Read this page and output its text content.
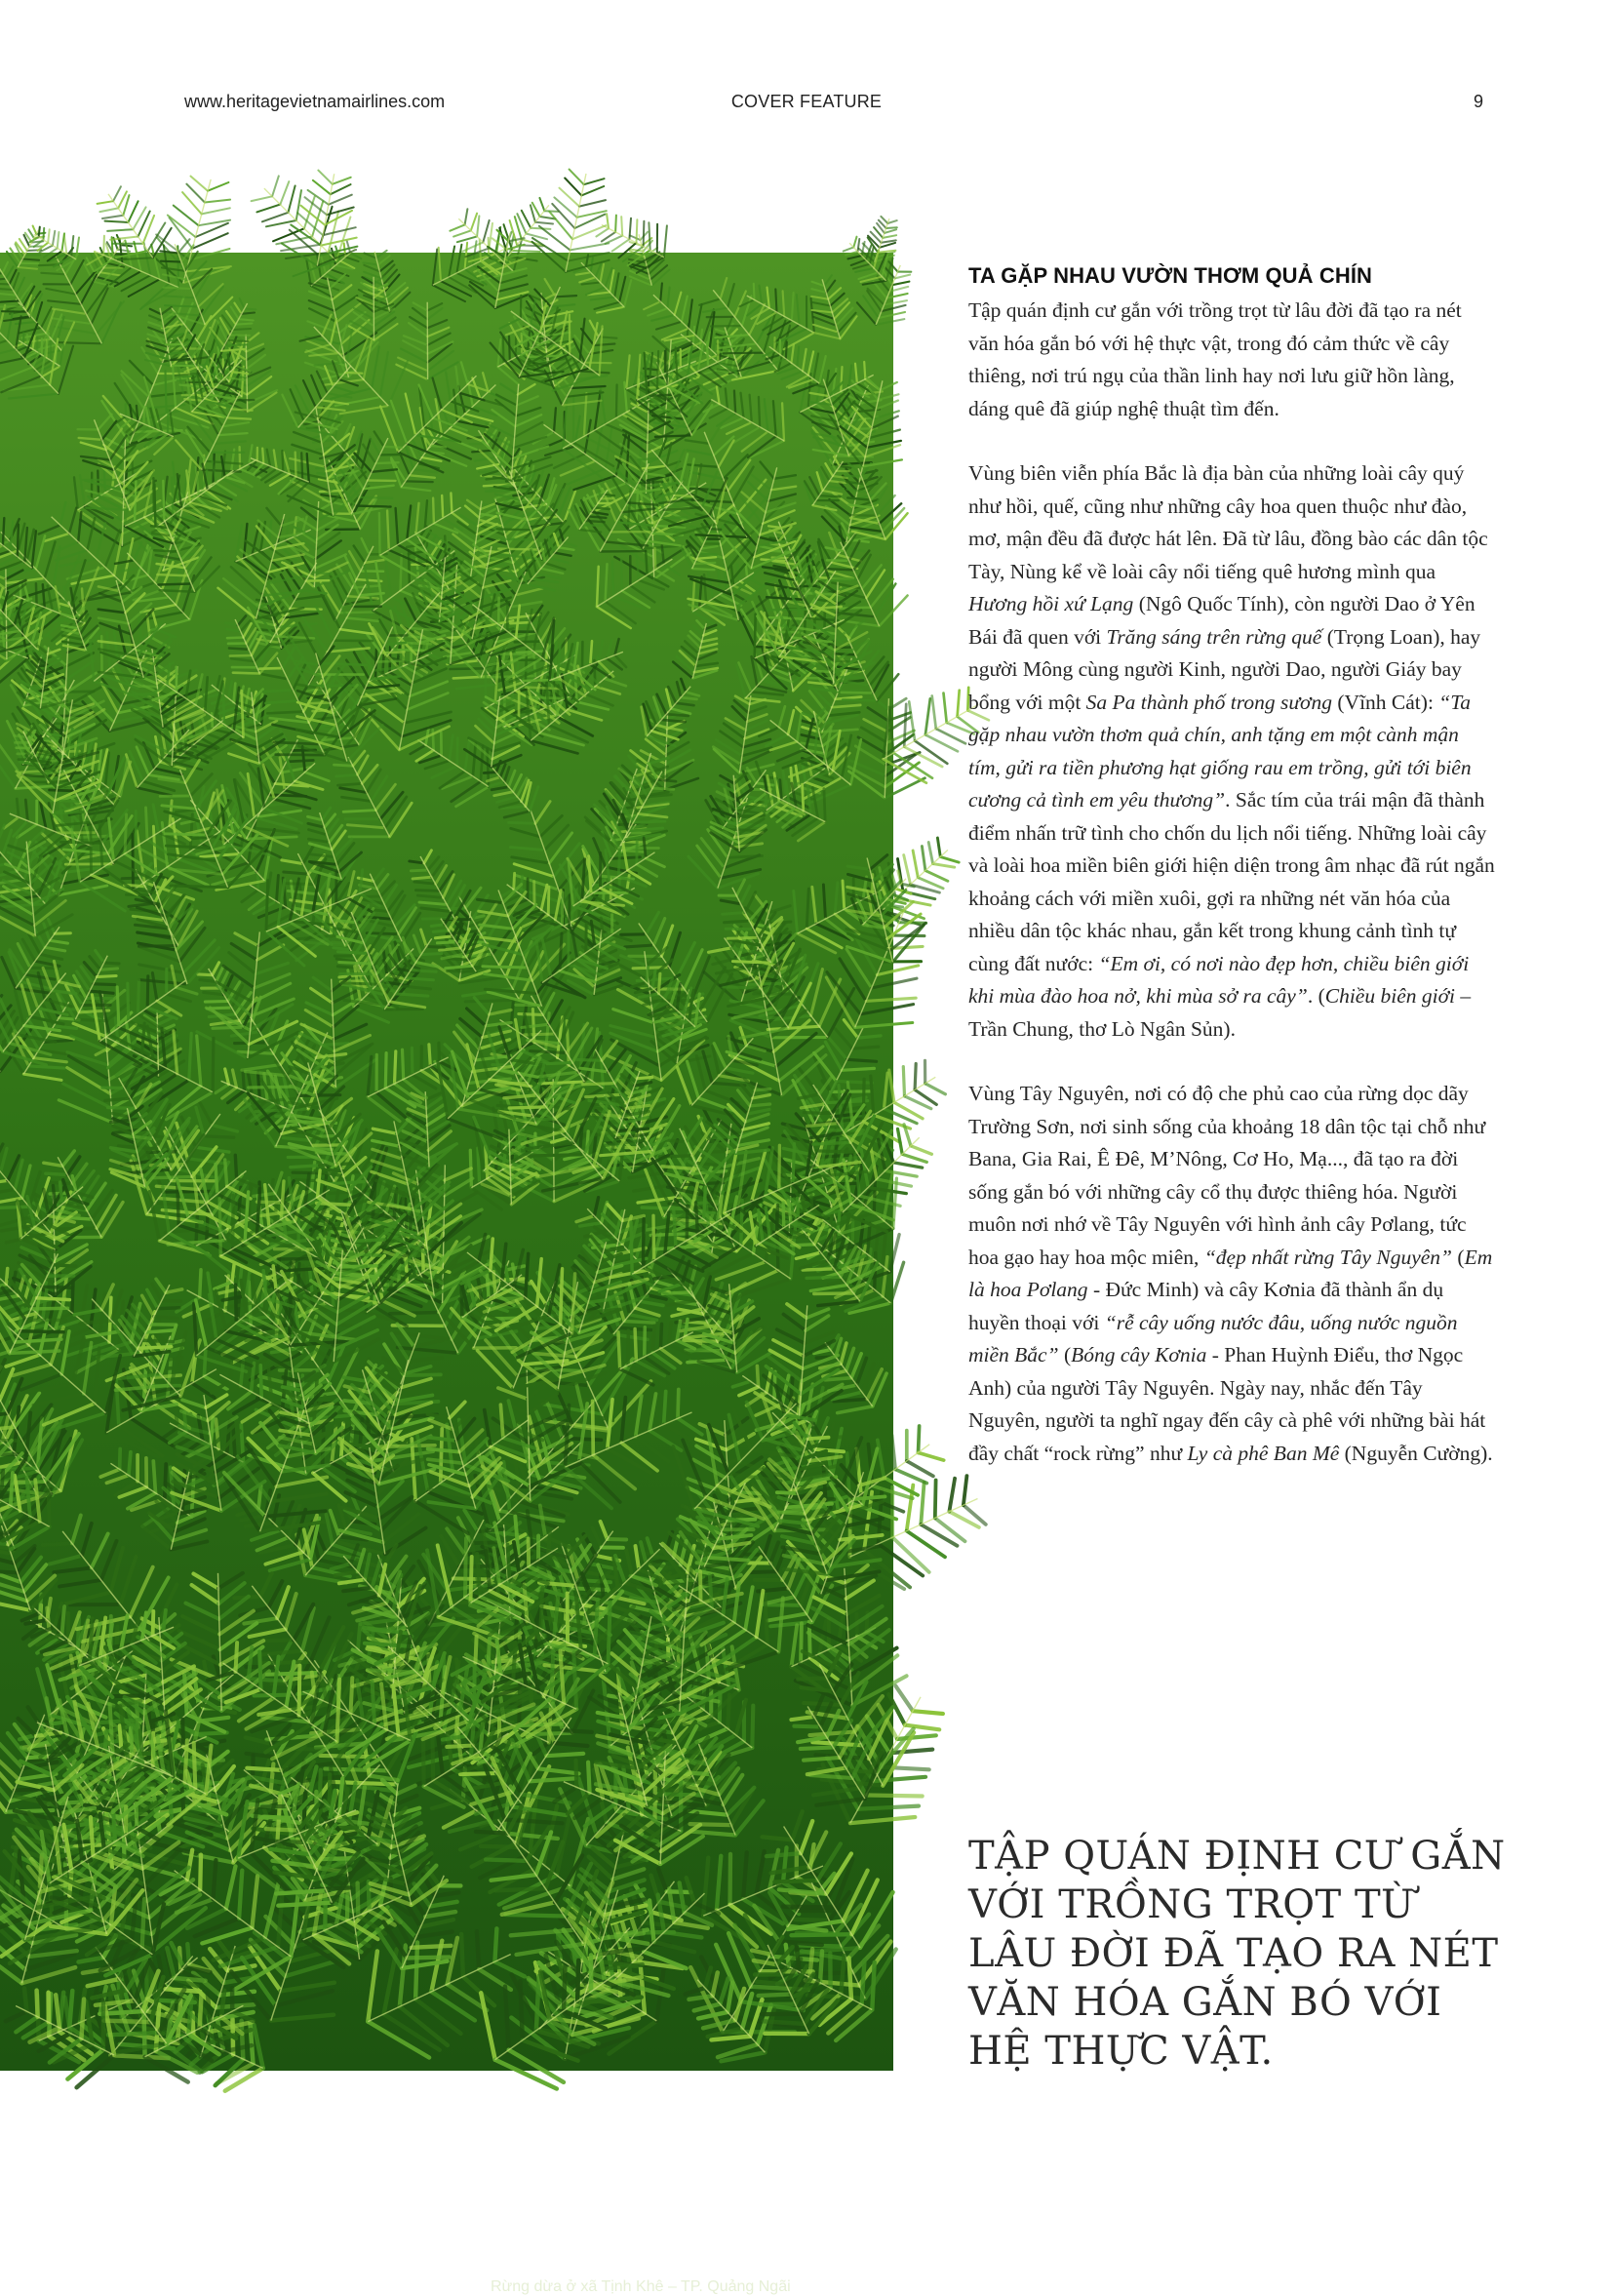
www.heritagevietnamairlines.com	COVER FEATURE	9
Rừng dừa ở xã Tịnh Khê – TP. Quảng Ngãi
TA GẶP NHAU VƯỜN THƠM QUẢ CHÍN

Tập quán định cư gắn với trồng trọt từ lâu đời đã tạo ra nét văn hóa gắn bó với hệ thực vật, trong đó cảm thức về cây thiêng, nơi trú ngụ của thần linh hay nơi lưu giữ hồn làng, dáng quê đã giúp nghệ thuật tìm đến.

Vùng biên viễn phía Bắc là địa bàn của những loài cây quý như hồi, quế, cũng như những cây hoa quen thuộc như đào, mơ, mận đều đã được hát lên. Đã từ lâu, đồng bào các dân tộc Tày, Nùng kể về loài cây nổi tiếng quê hương mình qua Hương hồi xứ Lạng (Ngô Quốc Tính), còn người Dao ở Yên Bái đã quen với Trăng sáng trên rừng quế (Trọng Loan), hay người Mông cùng người Kinh, người Dao, người Giáy bay bổng với một Sa Pa thành phố trong sương (Vĩnh Cát): “Ta gặp nhau vườn thơm quả chín, anh tặng em một cành mận tím, gửi ra tiền phương hạt giống rau em trồng, gửi tới biên cương cả tình em yêu thương”. Sắc tím của trái mận đã thành điểm nhấn trữ tình cho chốn du lịch nổi tiếng. Những loài cây và loài hoa miền biên giới hiện diện trong âm nhạc đã rút ngắn khoảng cách với miền xuôi, gợi ra những nét văn hóa của nhiều dân tộc khác nhau, gắn kết trong khung cảnh tình tự cùng đất nước: “Em ơi, có nơi nào đẹp hơn, chiều biên giới khi mùa đào hoa nở, khi mùa sở ra cây”. (Chiều biên giới – Trần Chung, thơ Lò Ngân Sủn).

Vùng Tây Nguyên, nơi có độ che phủ cao của rừng dọc dãy Trường Sơn, nơi sinh sống của khoảng 18 dân tộc tại chỗ như Bana, Gia Rai, Ê Đê, M’Nông, Cơ Ho, Mạ..., đã tạo ra đời sống gắn bó với những cây cổ thụ được thiêng hóa. Người muôn nơi nhớ về Tây Nguyên với hình ảnh cây Pơlang, tức hoa gạo hay hoa mộc miên, “đẹp nhất rừng Tây Nguyên” (Em là hoa Pơlang - Đức Minh) và cây Kơnia đã thành ẩn dụ huyền thoại với “rễ cây uống nước đâu, uống nước nguồn miền Bắc” (Bóng cây Kơnia - Phan Huỳnh Điểu, thơ Ngọc Anh) của người Tây Nguyên. Ngày nay, nhắc đến Tây Nguyên, người ta nghĩ ngay đến cây cà phê với những bài hát đầy chất “rock rừng” như Ly cà phê Ban Mê (Nguyễn Cường).

TẬP QUÁN ĐỊNH CƯ GẮN VỚI TRỒNG TRỌT TỪ LÂU ĐỜI ĐÃ TẠO RA NÉT VĂN HÓA GẮN BÓ VỚI HỆ THỰC VẬT.
